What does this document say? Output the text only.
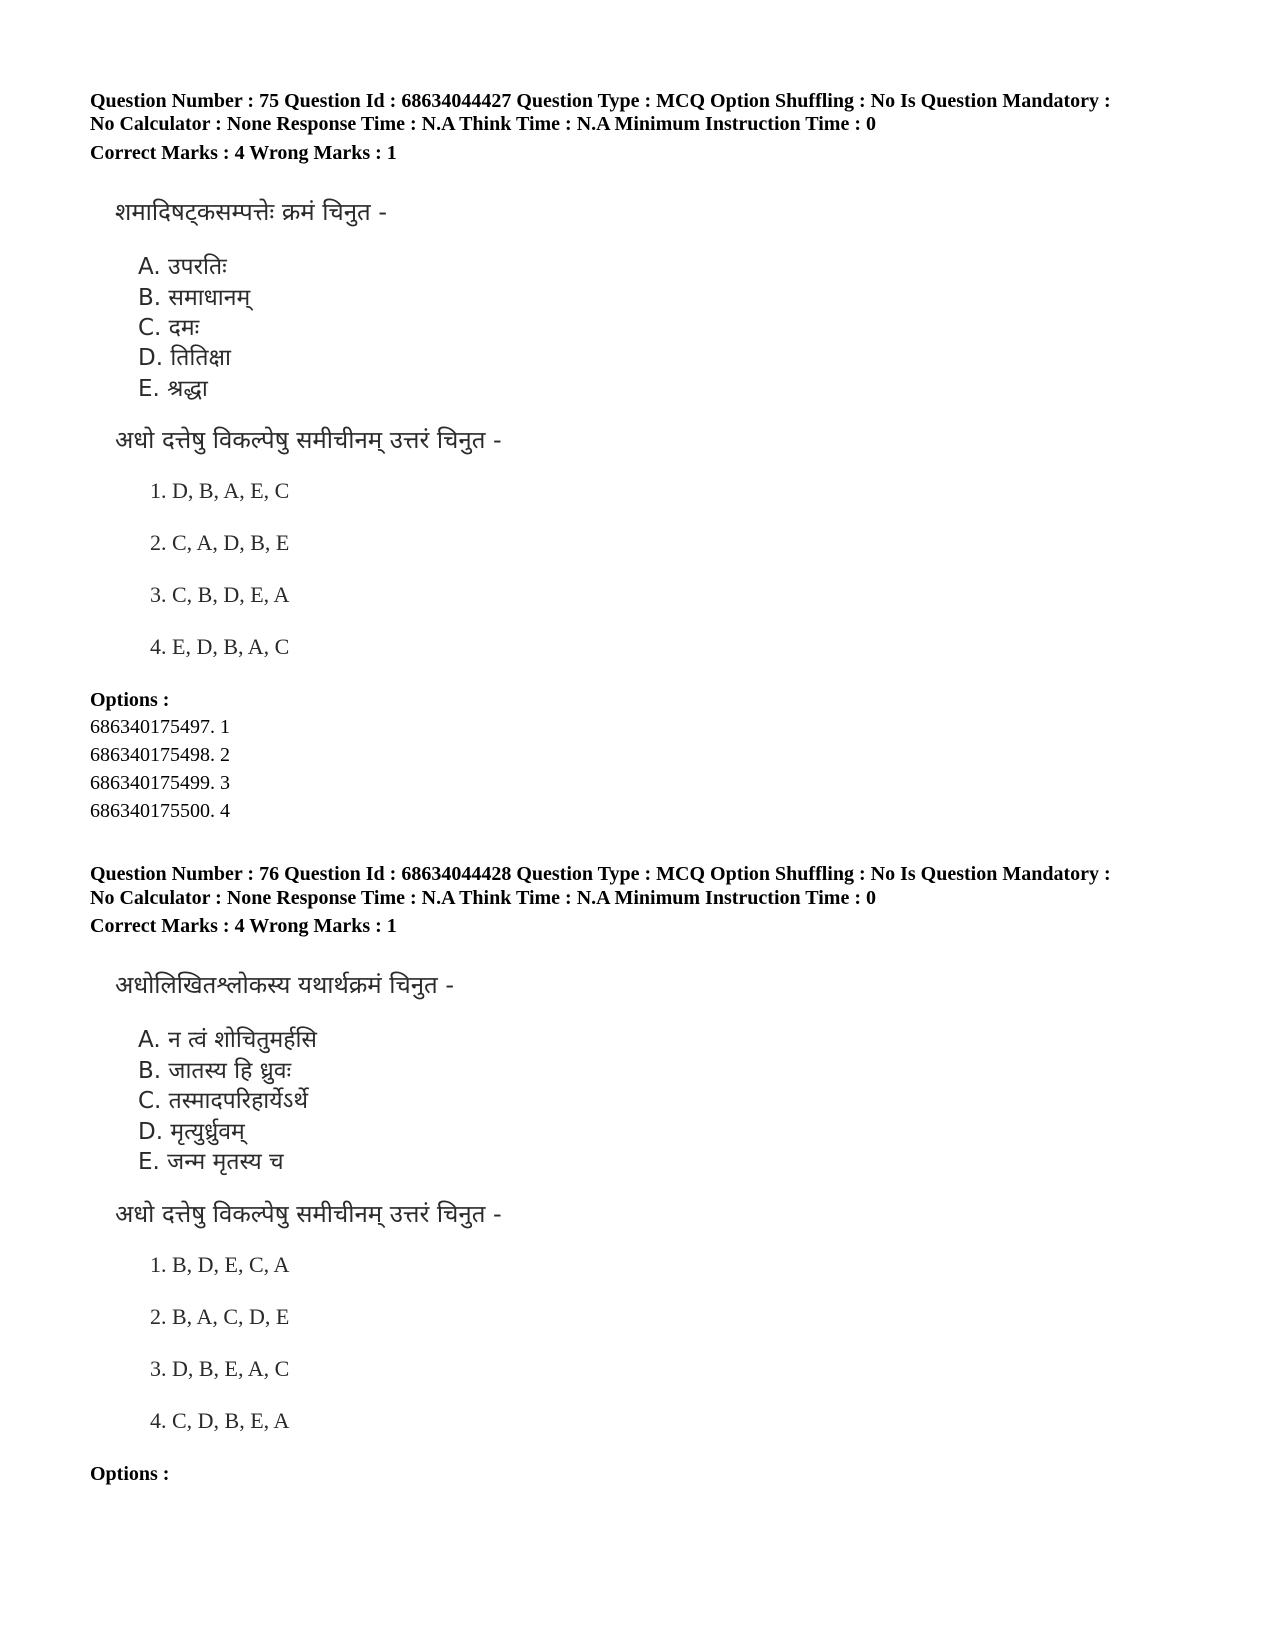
Question Number : 75 Question Id : 68634044427 Question Type : MCQ Option Shuffling : No Is Question Mandatory :
No Calculator : None Response Time : N.A Think Time : N.A Minimum Instruction Time : 0
Correct Marks : 4 Wrong Marks : 1
शमादिषट्कसम्पत्तेः क्रमं चिनुत -
A. उपरतिः
B. समाधानम्
C. दमः
D. तितिक्षा
E. श्रद्धा
अधो दत्तेषु विकल्पेषु समीचीनम् उत्तरं चिनुत -
1. D, B, A, E, C
2. C, A, D, B, E
3. C, B, D, E, A
4. E, D, B, A, C
Options :
686340175497. 1
686340175498. 2
686340175499. 3
686340175500. 4
Question Number : 76 Question Id : 68634044428 Question Type : MCQ Option Shuffling : No Is Question Mandatory :
No Calculator : None Response Time : N.A Think Time : N.A Minimum Instruction Time : 0
Correct Marks : 4 Wrong Marks : 1
अधोलिखितश्लोकस्य यथार्थक्रमं चिनुत -
A. न त्वं शोचितुमर्हसि
B. जातस्य हि ध्रुवः
C. तस्मादपरिहार्येऽर्थे
D. मृत्युर्ध्रुवम्
E. जन्म मृतस्य च
अधो दत्तेषु विकल्पेषु समीचीनम् उत्तरं चिनुत -
1. B, D, E, C, A
2. B, A, C, D, E
3. D, B, E, A, C
4. C, D, B, E, A
Options :
